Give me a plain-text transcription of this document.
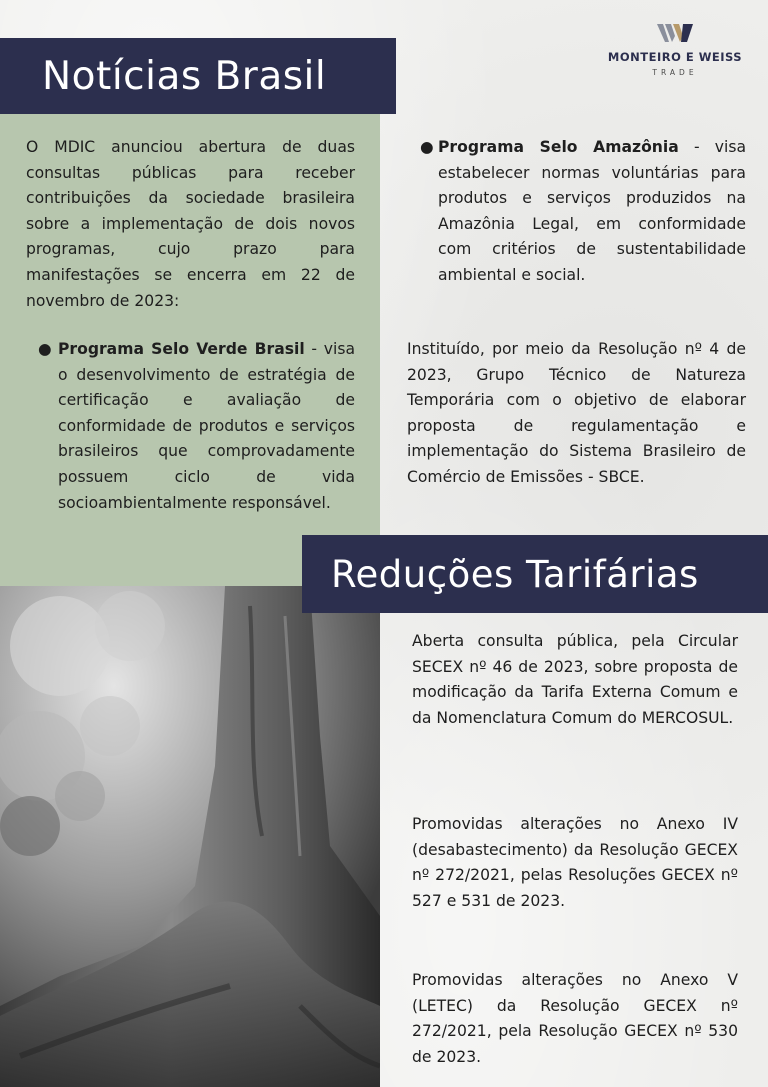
Notícias Brasil	MONTEIRO E WEISS
TRADE

O MDIC anunciou abertura de duas consultas públicas para receber contribuições da sociedade brasileira sobre a implementação de dois novos programas, cujo prazo para manifestações se encerra em 22 de novembro de 2023:

● Programa Selo Verde Brasil - visa o desenvolvimento de estratégia de certificação e avaliação de conformidade de produtos e serviços brasileiros que comprovadamente possuem ciclo de vida socioambientalmente responsável.

● Programa Selo Amazônia - visa estabelecer normas voluntárias para produtos e serviços produzidos na Amazônia Legal, em conformidade com critérios de sustentabilidade ambiental e social.

Instituído, por meio da Resolução nº 4 de 2023, Grupo Técnico de Natureza Temporária com o objetivo de elaborar proposta de regulamentação e implementação do Sistema Brasileiro de Comércio de Emissões - SBCE.

Reduções Tarifárias

Aberta consulta pública, pela Circular SECEX nº 46 de 2023, sobre proposta de modificação da Tarifa Externa Comum e da Nomenclatura Comum do MERCOSUL.

Promovidas alterações no Anexo IV (desabastecimento) da Resolução GECEX nº 272/2021, pelas Resoluções GECEX nº 527 e 531 de 2023.

Promovidas alterações no Anexo V (LETEC) da Resolução GECEX nº 272/2021, pela Resolução GECEX nº 530 de 2023.
